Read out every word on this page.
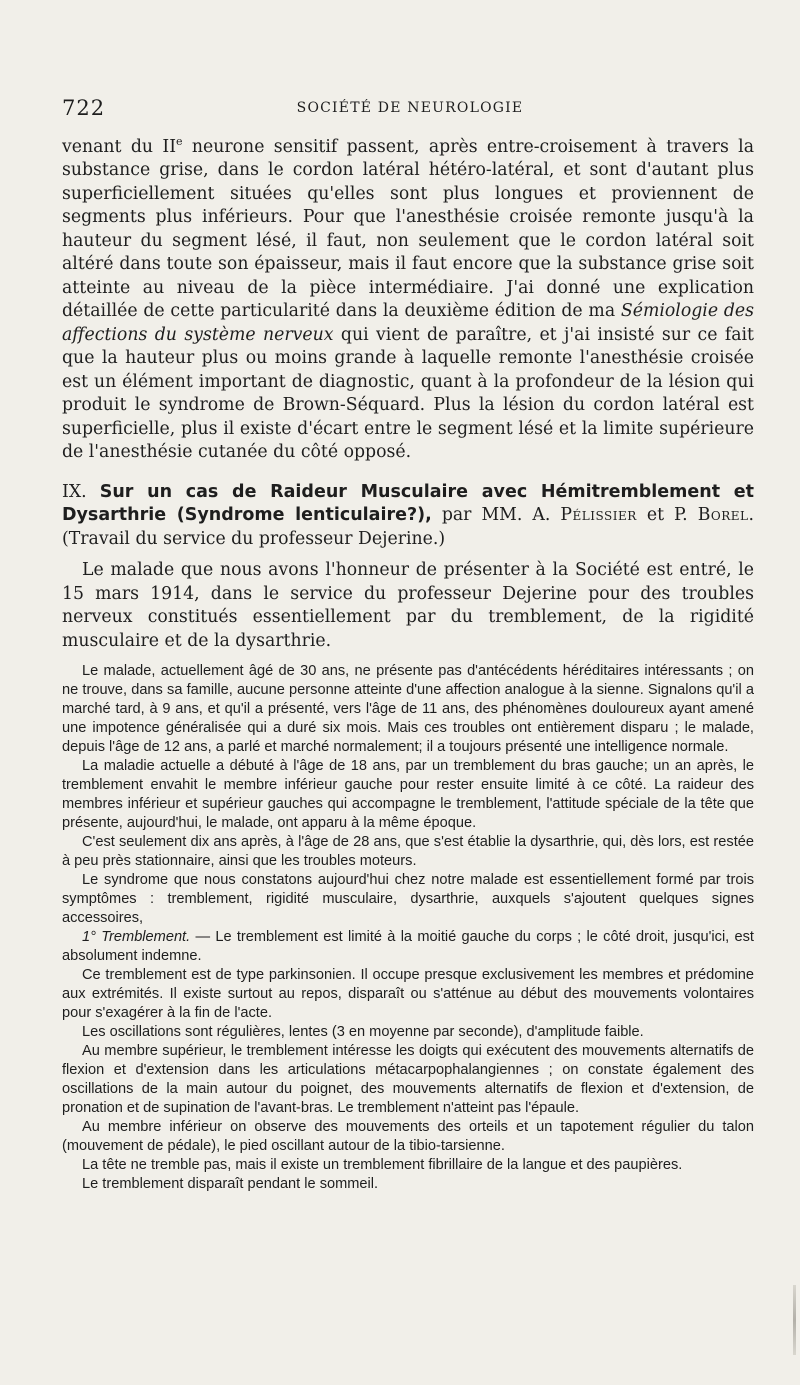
722	SOCIÉTÉ DE NEUROLOGIE

venant du IIe neurone sensitif passent, après entre-croisement à travers la substance grise, dans le cordon latéral hétéro-latéral, et sont d'autant plus superficiellement situées qu'elles sont plus longues et proviennent de segments plus inférieurs. Pour que l'anesthésie croisée remonte jusqu'à la hauteur du segment lésé, il faut, non seulement que le cordon latéral soit altéré dans toute son épaisseur, mais il faut encore que la substance grise soit atteinte au niveau de la pièce intermédiaire. J'ai donné une explication détaillée de cette particularité dans la deuxième édition de ma Sémiologie des affections du système nerveux qui vient de paraître, et j'ai insisté sur ce fait que la hauteur plus ou moins grande à laquelle remonte l'anesthésie croisée est un élément important de diagnostic, quant à la profondeur de la lésion qui produit le syndrome de Brown-Séquard. Plus la lésion du cordon latéral est superficielle, plus il existe d'écart entre le segment lésé et la limite supérieure de l'anesthésie cutanée du côté opposé.

IX. Sur un cas de Raideur Musculaire avec Hémitremblement et Dysarthrie (Syndrome lenticulaire?), par MM. A. Pélissier et P. Borel. (Travail du service du professeur Dejerine.)

Le malade que nous avons l'honneur de présenter à la Société est entré, le 15 mars 1914, dans le service du professeur Dejerine pour des troubles nerveux constitués essentiellement par du tremblement, de la rigidité musculaire et de la dysarthrie.

Le malade, actuellement âgé de 30 ans, ne présente pas d'antécédents héréditaires intéressants ; on ne trouve, dans sa famille, aucune personne atteinte d'une affection analogue à la sienne. Signalons qu'il a marché tard, à 9 ans, et qu'il a présenté, vers l'âge de 11 ans, des phénomènes douloureux ayant amené une impotence généralisée qui a duré six mois. Mais ces troubles ont entièrement disparu ; le malade, depuis l'âge de 12 ans, a parlé et marché normalement; il a toujours présenté une intelligence normale.

La maladie actuelle a débuté à l'âge de 18 ans, par un tremblement du bras gauche; un an après, le tremblement envahit le membre inférieur gauche pour rester ensuite limité à ce côté. La raideur des membres inférieur et supérieur gauches qui accompagne le tremblement, l'attitude spéciale de la tête que présente, aujourd'hui, le malade, ont apparu à la même époque.

C'est seulement dix ans après, à l'âge de 28 ans, que s'est établie la dysarthrie, qui, dès lors, est restée à peu près stationnaire, ainsi que les troubles moteurs.

Le syndrome que nous constatons aujourd'hui chez notre malade est essentiellement formé par trois symptômes : tremblement, rigidité musculaire, dysarthrie, auxquels s'ajoutent quelques signes accessoires,

1° Tremblement. — Le tremblement est limité à la moitié gauche du corps ; le côté droit, jusqu'ici, est absolument indemne.

Ce tremblement est de type parkinsonien. Il occupe presque exclusivement les membres et prédomine aux extrémités. Il existe surtout au repos, disparaît ou s'atténue au début des mouvements volontaires pour s'exagérer à la fin de l'acte.

Les oscillations sont régulières, lentes (3 en moyenne par seconde), d'amplitude faible.

Au membre supérieur, le tremblement intéresse les doigts qui exécutent des mouvements alternatifs de flexion et d'extension dans les articulations métacarpophalangiennes ; on constate également des oscillations de la main autour du poignet, des mouvements alternatifs de flexion et d'extension, de pronation et de supination de l'avant-bras. Le tremblement n'atteint pas l'épaule.

Au membre inférieur on observe des mouvements des orteils et un tapotement régulier du talon (mouvement de pédale), le pied oscillant autour de la tibio-tarsienne.

La tête ne tremble pas, mais il existe un tremblement fibrillaire de la langue et des paupières.

Le tremblement disparaît pendant le sommeil.
